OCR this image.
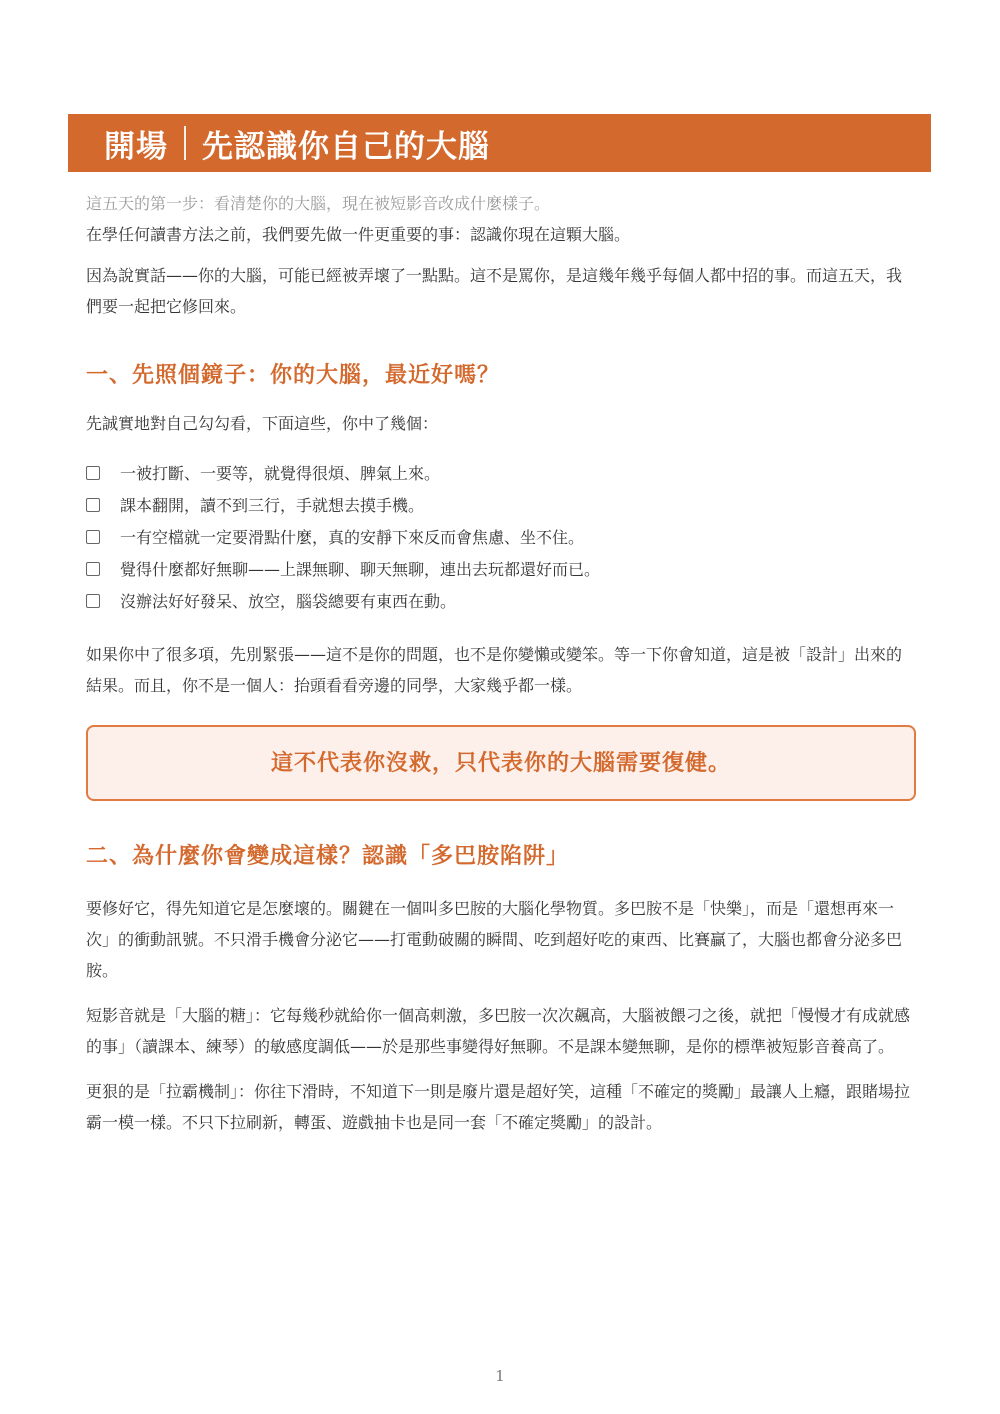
開場 先認識你自己的大腦

這五天的第一步：看清楚你的大腦，現在被短影音改成什麼樣子。

在學任何讀書方法之前，我們要先做一件更重要的事：認識你現在這顆大腦。

因為說實話——你的大腦，可能已經被弄壞了一點點。這不是罵你，是這幾年幾乎每個人都中招的事。而這五天，我們要一起把它修回來。

一、先照個鏡子：你的大腦，最近好嗎？

先誠實地對自己勾勾看，下面這些，你中了幾個：

一被打斷、一要等，就覺得很煩、脾氣上來。
課本翻開，讀不到三行，手就想去摸手機。
一有空檔就一定要滑點什麼，真的安靜下來反而會焦慮、坐不住。
覺得什麼都好無聊——上課無聊、聊天無聊，連出去玩都還好而已。
沒辦法好好發呆、放空，腦袋總要有東西在動。

如果你中了很多項，先別緊張——這不是你的問題，也不是你變懶或變笨。等一下你會知道，這是被「設計」出來的結果。而且，你不是一個人：抬頭看看旁邊的同學，大家幾乎都一樣。

這不代表你沒救，只代表你的大腦需要復健。
二、為什麼你會變成這樣？認識「多巴胺陷阱」

要修好它，得先知道它是怎麼壞的。關鍵在一個叫多巴胺的大腦化學物質。多巴胺不是「快樂」，而是「還想再來一次」的衝動訊號。不只滑手機會分泌它——打電動破關的瞬間、吃到超好吃的東西、比賽贏了，大腦也都會分泌多巴胺。

短影音就是「大腦的糖」：它每幾秒就給你一個高刺激，多巴胺一次次飆高，大腦被餵刁之後，就把「慢慢才有成就感的事」（讀課本、練琴）的敏感度調低——於是那些事變得好無聊。不是課本變無聊，是你的標準被短影音養高了。

更狠的是「拉霸機制」：你往下滑時，不知道下一則是廢片還是超好笑，這種「不確定的獎勵」最讓人上癮，跟賭場拉霸一模一樣。不只下拉刷新，轉蛋、遊戲抽卡也是同一套「不確定獎勵」的設計。

1
